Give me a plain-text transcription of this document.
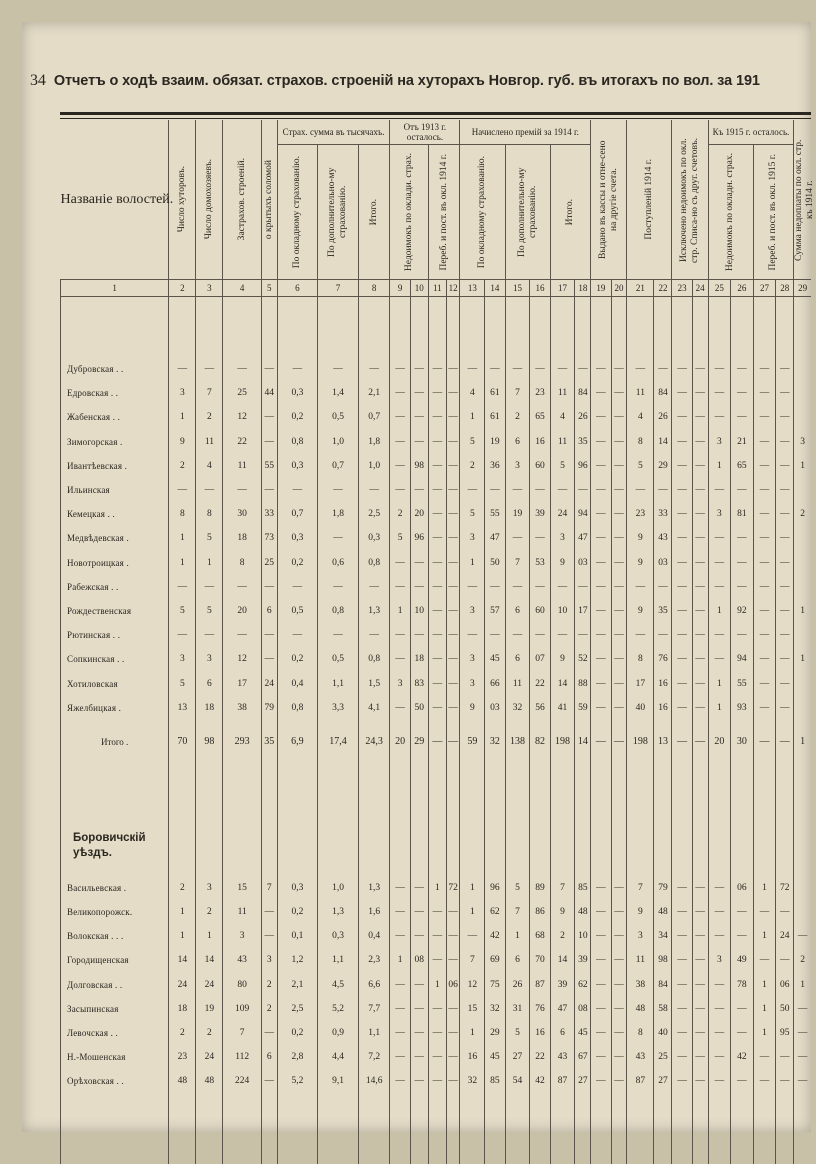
34 Отчетъ о ходѣ взаим. обязат. страхов. строеній на хуторахъ Новгор. губ. въ итогахъ по вол. за 191
Названіе волостей.	Число хуторовъ.	Число домохозяевъ.	Застрахов. строеній.	о крытыхъ соломой	Страх. сумма въ тысячахъ.			Отъ 1913 г. осталось.				Начислено премій за 1914 г.						Выдано въ кассы и отне-сено на другіе счета.		Поступленій 1914 г.		Исключено недоимокъ по окл. стр. Списа-но съ друг. счетовъ.		Къ 1915 г. осталось.				Сумма недоплаты по окл. стр. къ 1914 г.

					По окладному страхованію.	По дополнительно-му страхованію.	Итого.	Недоимокъ по оклади. страх.		Переб. и пост. въ окл. 1914 г.		По окладному страхованію.		По дополнительно-му страхованію.		Итого.								Недоимокъ по окладн. страх.		Переб. и пост. въ окл. 1915 г.		

1	2	3	4	5	6	7	8	9	10	11	12	13	14	15	16	17	18	19	20	21	22	23	24	25	26	27	28	29

Дубровская . .	—	—	—	—	—	—	—	—	—	—	—	—	—	—	—	—	—	—	—	—	—	—	—	—	—	—	—	
Едровская . .	3	7	25	44	0,3	1,4	2,1	—	—	—	—	4	61	7	23	11	84	—	—	11	84	—	—	—	—	—	—	
Жабенская . .	1	2	12	—	0,2	0,5	0,7	—	—	—	—	1	61	2	65	4	26	—	—	4	26	—	—	—	—	—	—	
Зимогорская .	9	11	22	—	0,8	1,0	1,8	—	—	—	—	5	19	6	16	11	35	—	—	8	14	—	—	3	21	—	—	3
Ивантѣевская .	2	4	11	55	0,3	0,7	1,0	—	98	—	—	2	36	3	60	5	96	—	—	5	29	—	—	1	65	—	—	1
Ильинская	—	—	—	—	—	—	—	—	—	—	—	—	—	—	—	—	—	—	—	—	—	—	—	—	—	—	—	
Кемецкая . .	8	8	30	33	0,7	1,8	2,5	2	20	—	—	5	55	19	39	24	94	—	—	23	33	—	—	3	81	—	—	2
Медвѣдевская .	1	5	18	73	0,3	—	0,3	5	96	—	—	3	47	—	—	3	47	—	—	9	43	—	—	—	—	—	—	
Новотроицкая .	1	1	8	25	0,2	0,6	0,8	—	—	—	—	1	50	7	53	9	03	—	—	9	03	—	—	—	—	—	—	
Рабежская . .	—	—	—	—	—	—	—	—	—	—	—	—	—	—	—	—	—	—	—	—	—	—	—	—	—	—	—	
Рождественская	5	5	20	6	0,5	0,8	1,3	1	10	—	—	3	57	6	60	10	17	—	—	9	35	—	—	1	92	—	—	1
Рютинская . .	—	—	—	—	—	—	—	—	—	—	—	—	—	—	—	—	—	—	—	—	—	—	—	—	—	—	—	
Сопкинская . .	3	3	12	—	0,2	0,5	0,8	—	18	—	—	3	45	6	07	9	52	—	—	8	76	—	—	—	94	—	—	1
Хотиловская	5	6	17	24	0,4	1,1	1,5	3	83	—	—	3	66	11	22	14	88	—	—	17	16	—	—	1	55	—	—	
Яжелбицкая .	13	18	38	79	0,8	3,3	4,1	—	50	—	—	9	03	32	56	41	59	—	—	40	16	—	—	1	93	—	—	
Итого .	70	98	293	35	6,9	17,4	24,3	20	29	—	—	59	32	138	82	198	14	—	—	198	13	—	—	20	30	—	—	1

Боровичскій уѣздъ.																												
Васильевская .	2	3	15	7	0,3	1,0	1,3	—	—	1	72	1	96	5	89	7	85	—	—	7	79	—	—	—	06	1	72	
Великопорожск.	1	2	11	—	0,2	1,3	1,6	—	—	—	—	1	62	7	86	9	48	—	—	9	48	—	—	—	—	—	—	
Волокская . . .	1	1	3	—	0,1	0,3	0,4	—	—	—	—	—	42	1	68	2	10	—	—	3	34	—	—	—	—	1	24	—
Городищенская	14	14	43	3	1,2	1,1	2,3	1	08	—	—	7	69	6	70	14	39	—	—	11	98	—	—	3	49	—	—	2
Долговская . .	24	24	80	2	2,1	4,5	6,6	—	—	1	06	12	75	26	87	39	62	—	—	38	84	—	—	—	78	1	06	1
Засыпинская	18	19	109	2	2,5	5,2	7,7	—	—	—	—	15	32	31	76	47	08	—	—	48	58	—	—	—	—	1	50	—
Левочская . .	2	2	7	—	0,2	0,9	1,1	—	—	—	—	1	29	5	16	6	45	—	—	8	40	—	—	—	—	1	95	—
Н.-Мошенская	23	24	112	6	2,8	4,4	7,2	—	—	—	—	16	45	27	22	43	67	—	—	43	25	—	—	—	42	—	—	—
Орѣховская . .	48	48	224	—	5,2	9,1	14,6	—	—	—	—	32	85	54	42	87	27	—	—	87	27	—	—	—	—	—	—	—
